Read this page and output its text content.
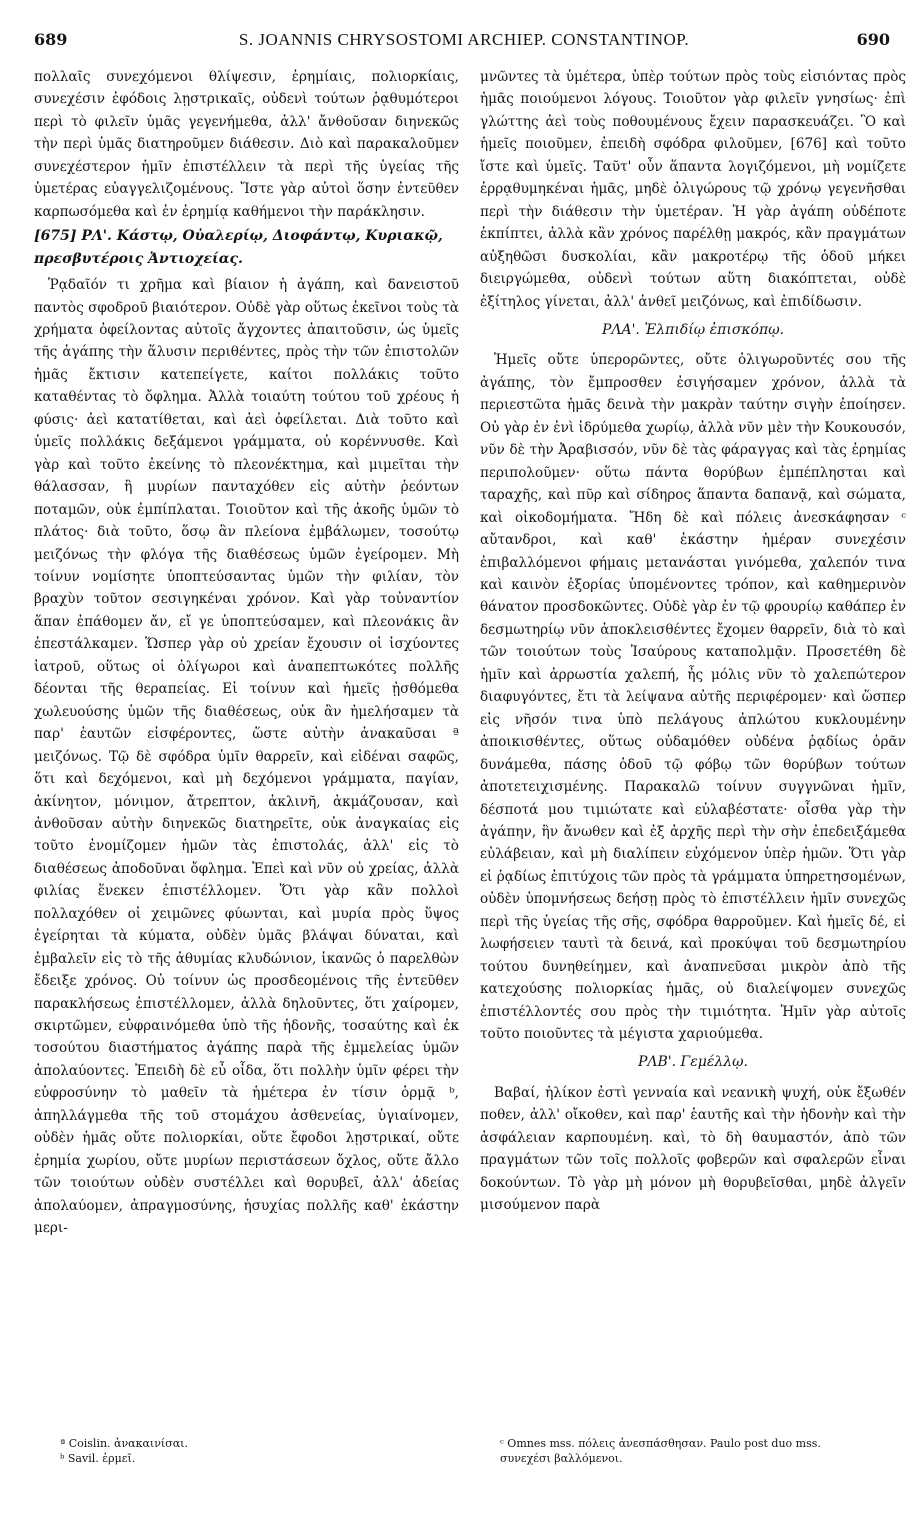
689	S. JOANNIS CHRYSOSTOMI ARCHIEP. CONSTANTINOP.	690

πολλαῖς συνεχόμενοι θλίψεσιν, ἐρημίαις, πολιορκίαις, συνεχέσιν ἐφόδοις λῃστρικαῖς, οὐδενὶ τούτων ῥᾳθυμότεροι περὶ τὸ φιλεῖν ὑμᾶς γεγενήμεθα, ἀλλ' ἄνθοῦσαν διηνεκῶς τὴν περὶ ὑμᾶς διατηροῦμεν διάθεσιν. Διὸ καὶ παρακαλοῦμεν συνεχέστερον ἡμῖν ἐπιστέλλειν τὰ περὶ τῆς ὑγείας τῆς ὑμετέρας εὐαγγελιζομένους. Ἴστε γὰρ αὐτοὶ ὅσην ἐντεῦθεν καρπωσόμεθα καὶ ἐν ἐρημίᾳ καθήμενοι τὴν παράκλησιν.

[675] ΡΛ'. Κάστῳ, Οὐαλερίῳ, Διοφάντῳ, Κυριακῷ, πρεσβυτέροις Ἀντιοχείας.

Ῥᾳδαῖόν τι χρῆμα καὶ βίαιον ἡ ἀγάπη, καὶ δανειστοῦ παντὸς σφοδροῦ βιαιότερον. Οὐδὲ γὰρ οὕτως ἐκεῖνοι τοὺς τὰ χρήματα ὀφείλοντας αὐτοῖς ἄγχοντες ἀπαιτοῦσιν, ὡς ὑμεῖς τῆς ἀγάπης τὴν ἅλυσιν περιθέντες, πρὸς τὴν τῶν ἐπιστολῶν ἡμᾶς ἔκτισιν κατεπείγετε, καίτοι πολλάκις τοῦτο καταθέντας τὸ ὄφλημα. Ἀλλὰ τοιαύτη τούτου τοῦ χρέους ἡ φύσις· ἀεὶ κατατίθεται, καὶ ἀεὶ ὀφείλεται. Διὰ τοῦτο καὶ ὑμεῖς πολλάκις δεξάμενοι γράμματα, οὐ κορέννυσθε. Καὶ γὰρ καὶ τοῦτο ἐκείνης τὸ πλεονέκτημα, καὶ μιμεῖται τὴν θάλασσαν, ἣ μυρίων πανταχόθεν εἰς αὐτὴν ῥεόντων ποταμῶν, οὐκ ἐμπίπλαται. Τοιοῦτον καὶ τῆς ἀκοῆς ὑμῶν τὸ πλάτος· διὰ τοῦτο, ὅσῳ ἂν πλείονα ἐμβάλωμεν, τοσούτῳ μειζόνως τὴν φλόγα τῆς διαθέσεως ὑμῶν ἐγείρομεν. Μὴ τοίνυν νομίσητε ὑποπτεύσαντας ὑμῶν τὴν φιλίαν, τὸν βραχὺν τοῦτον σεσιγηκέναι χρόνον. Καὶ γὰρ τοὐναντίον ἅπαν ἐπάθομεν ἄν, εἴ γε ὑποπτεύσαμεν, καὶ πλεονάκις ἂν ἐπεστάλκαμεν. Ὥσπερ γὰρ οὐ χρείαν ἔχουσιν οἱ ἰσχύοντες ἰατροῦ, οὕτως οἱ ὀλίγωροι καὶ ἀναπεπτωκότες πολλῆς δέονται τῆς θεραπείας. Εἰ τοίνυν καὶ ἡμεῖς ᾐσθόμεθα χωλευούσης ὑμῶν τῆς διαθέσεως, οὐκ ἂν ἠμελήσαμεν τὰ παρ' ἑαυτῶν εἰσφέροντες, ὥστε αὐτὴν ἀνακαῦσαι ª μειζόνως. Τῷ δὲ σφόδρα ὑμῖν θαρρεῖν, καὶ εἰδέναι σαφῶς, ὅτι καὶ δεχόμενοι, καὶ μὴ δεχόμενοι γράμματα, παγίαν, ἀκίνητον, μόνιμον, ἄτρεπτον, ἀκλινῆ, ἀκμάζουσαν, καὶ ἀνθοῦσαν αὐτὴν διηνεκῶς διατηρεῖτε, οὐκ ἀναγκαίας εἰς τοῦτο ἐνομίζομεν ἡμῶν τὰς ἐπιστολάς, ἀλλ' εἰς τὸ διαθέσεως ἀποδοῦναι ὄφλημα. Ἐπεὶ καὶ νῦν οὐ χρείας, ἀλλὰ φιλίας ἕνεκεν ἐπιστέλλομεν. Ὅτι γὰρ κἂν πολλοὶ πολλαχόθεν οἱ χειμῶνες φύωνται, καὶ μυρία πρὸς ὕψος ἐγείρηται τὰ κύματα, οὐδὲν ὑμᾶς βλάψαι δύναται, καὶ ἐμβαλεῖν εἰς τὸ τῆς ἀθυμίας κλυδώνιον, ἱκανῶς ὁ παρελθὼν ἔδειξε χρόνος. Οὐ τοίνυν ὡς προσδεομένοις τῆς ἐντεῦθεν παρακλήσεως ἐπιστέλλομεν, ἀλλὰ δηλοῦντες, ὅτι χαίρομεν, σκιρτῶμεν, εὐφραινόμεθα ὑπὸ τῆς ἡδονῆς, τοσαύτης καὶ ἐκ τοσούτου διαστήματος ἀγάπης παρὰ τῆς ἐμμελείας ὑμῶν ἀπολαύοντες. Ἐπειδὴ δὲ εὖ οἶδα, ὅτι πολλὴν ὑμῖν φέρει τὴν εὐφροσύνην τὸ μαθεῖν τὰ ἡμέτερα ἐν τίσιν ὁρμᾷ ᵇ, ἀπηλλάγμεθα τῆς τοῦ στομάχου ἀσθενείας, ὑγιαίνομεν, οὐδὲν ἡμᾶς οὔτε πολιορκίαι, οὔτε ἔφοδοι λῃστρικαί, οὔτε ἐρημία χωρίου, οὔτε μυρίων περιστάσεων ὄχλος, οὔτε ἄλλο τῶν τοιούτων οὐδὲν συστέλλει καὶ θορυβεῖ, ἀλλ' ἀδείας ἀπολαύομεν, ἀπραγμοσύνης, ἡσυχίας πολλῆς καθ' ἑκάστην μερι-

μνῶντες τὰ ὑμέτερα, ὑπὲρ τούτων πρὸς τοὺς εἰσιόντας πρὸς ἡμᾶς ποιούμενοι λόγους. Τοιοῦτον γὰρ φιλεῖν γνησίως· ἐπὶ γλώττης ἀεὶ τοὺς ποθουμένους ἔχειν παρασκευάζει. Ὃ καὶ ἡμεῖς ποιοῦμεν, ἐπειδὴ σφόδρα φιλοῦμεν, [676] καὶ τοῦτο ἴστε καὶ ὑμεῖς. Ταῦτ' οὖν ἅπαντα λογιζόμενοι, μὴ νομίζετε ἐρρᾳθυμηκέναι ἡμᾶς, μηδὲ ὀλιγώρους τῷ χρόνῳ γεγενῆσθαι περὶ τὴν διάθεσιν τὴν ὑμετέραν. Ἡ γὰρ ἀγάπη οὐδέποτε ἐκπίπτει, ἀλλὰ κἂν χρόνος παρέλθῃ μακρός, κἂν πραγμάτων αὐξηθῶσι δυσκολίαι, κἂν μακροτέρῳ τῆς ὁδοῦ μήκει διειργώμεθα, οὐδενὶ τούτων αὕτη διακόπτεται, οὐδὲ ἐξίτηλος γίνεται, ἀλλ' ἀνθεῖ μειζόνως, καὶ ἐπιδίδωσιν.

ΡΛΑ'. Ἐλπιδίῳ ἐπισκόπῳ.

Ἡμεῖς οὔτε ὑπερορῶντες, οὔτε ὀλιγωροῦντές σου τῆς ἀγάπης, τὸν ἔμπροσθεν ἐσιγήσαμεν χρόνον, ἀλλὰ τὰ περιεστῶτα ἡμᾶς δεινὰ τὴν μακρὰν ταύτην σιγὴν ἐποίησεν. Οὐ γὰρ ἐν ἑνὶ ἱδρύμεθα χωρίῳ, ἀλλὰ νῦν μὲν τὴν Κουκουσόν, νῦν δὲ τὴν Ἀραβισσόν, νῦν δὲ τὰς φάραγγας καὶ τὰς ἐρημίας περιπολοῦμεν· οὕτω πάντα θορύβων ἐμπέπλησται καὶ ταραχῆς, καὶ πῦρ καὶ σίδηρος ἅπαντα δαπανᾷ, καὶ σώματα, καὶ οἰκοδομήματα. Ἤδη δὲ καὶ πόλεις ἀνεσκάφησαν ᶜ αὔτανδροι, καὶ καθ' ἑκάστην ἡμέραν συνεχέσιν ἐπιβαλλόμενοι φήμαις μετανάσται γινόμεθα, χαλεπόν τινα καὶ καινὸν ἐξορίας ὑπομένοντες τρόπον, καὶ καθημερινὸν θάνατον προσδοκῶντες. Οὐδὲ γὰρ ἐν τῷ φρουρίῳ καθάπερ ἐν δεσμωτηρίῳ νῦν ἀποκλεισθέντες ἔχομεν θαρρεῖν, διὰ τὸ καὶ τῶν τοιούτων τοὺς Ἰσαύρους καταπολμᾷν. Προσετέθη δὲ ἡμῖν καὶ ἀρρωστία χαλεπή, ἧς μόλις νῦν τὸ χαλεπώτερον διαφυγόντες, ἔτι τὰ λείψανα αὐτῆς περιφέρομεν· καὶ ὥσπερ εἰς νῆσόν τινα ὑπὸ πελάγους ἀπλώτου κυκλουμένην ἀποικισθέντες, οὕτως οὐδαμόθεν οὐδένα ῥᾳδίως ὁρᾶν δυνάμεθα, πάσης ὁδοῦ τῷ φόβῳ τῶν θορύβων τούτων ἀποτετειχισμένης. Παρακαλῶ τοίνυν συγγνῶναι ἡμῖν, δέσποτά μου τιμιώτατε καὶ εὐλαβέστατε· οἶσθα γὰρ τὴν ἀγάπην, ἣν ἄνωθεν καὶ ἐξ ἀρχῆς περὶ τὴν σὴν ἐπεδειξάμεθα εὐλάβειαν, καὶ μὴ διαλίπειν εὐχόμενον ὑπὲρ ἡμῶν. Ὅτι γὰρ εἰ ῥᾳδίως ἐπιτύχοις τῶν πρὸς τὰ γράμματα ὑπηρετησομένων, οὐδὲν ὑπομνήσεως δεήσῃ πρὸς τὸ ἐπιστέλλειν ἡμῖν συνεχῶς περὶ τῆς ὑγείας τῆς σῆς, σφόδρα θαρροῦμεν. Καὶ ἡμεῖς δέ, εἰ λωφήσειεν ταυτὶ τὰ δεινά, καὶ προκύψαι τοῦ δεσμωτηρίου τούτου δυνηθείημεν, καὶ ἀναπνεῦσαι μικρὸν ἀπὸ τῆς κατεχούσης πολιορκίας ἡμᾶς, οὐ διαλείψομεν συνεχῶς ἐπιστέλλοντές σου πρὸς τὴν τιμιότητα. Ἡμῖν γὰρ αὐτοῖς τοῦτο ποιοῦντες τὰ μέγιστα χαριούμεθα.

ΡΛΒ'. Γεμέλλῳ.

Βαβαί, ἡλίκον ἐστὶ γενναία καὶ νεανικὴ ψυχή, οὐκ ἔξωθέν ποθεν, ἀλλ' οἴκοθεν, καὶ παρ' ἑαυτῆς καὶ τὴν ἡδονὴν καὶ τὴν ἀσφάλειαν καρπουμένη. καὶ, τὸ δὴ θαυμαστόν, ἀπὸ τῶν πραγμάτων τῶν τοῖς πολλοῖς φοβερῶν καὶ σφαλερῶν εἶναι δοκούντων. Τὸ γὰρ μὴ μόνον μὴ θορυβεῖσθαι, μηδὲ ἀλγεῖν μισούμενον παρὰ

ª Coislin. ἀνακαινίσαι.
ᵇ Savil. ἐρμεῖ.
ᶜ Omnes mss. πόλεις ἀνεσπάσθησαν. Paulo post duo mss.
συνεχέσι βαλλόμενοι.
